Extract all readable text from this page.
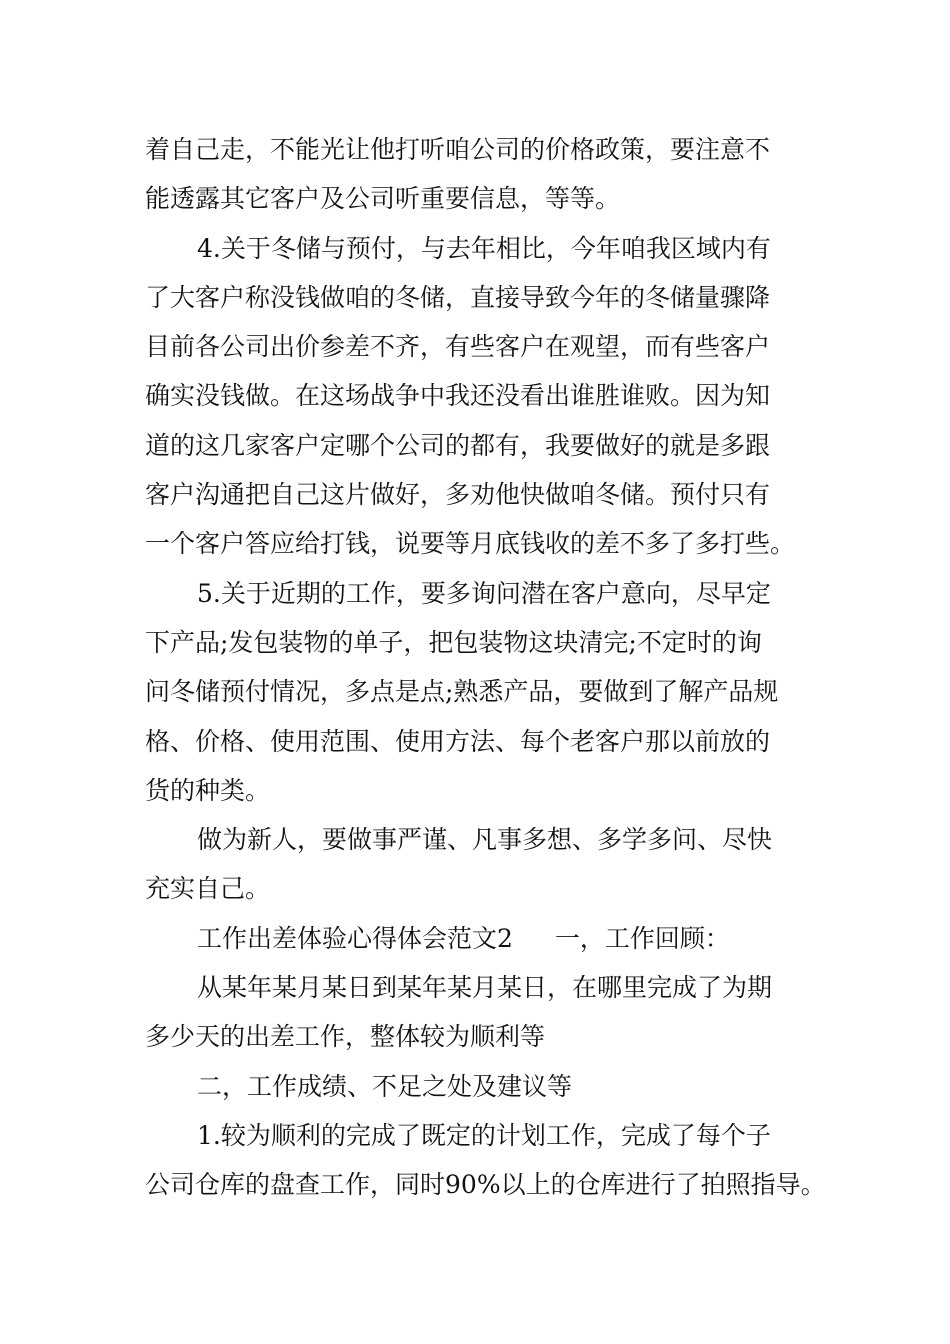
着自己走，不能光让他打听咱公司的价格政策，要注意不
能透露其它客户及公司听重要信息，等等。
4.关于冬储与预付，与去年相比，今年咱我区域内有
了大客户称没钱做咱的冬储，直接导致今年的冬储量骤降
目前各公司出价参差不齐，有些客户在观望，而有些客户
确实没钱做。在这场战争中我还没看出谁胜谁败。因为知
道的这几家客户定哪个公司的都有，我要做好的就是多跟
客户沟通把自己这片做好，多劝他快做咱冬储。预付只有
一个客户答应给打钱，说要等月底钱收的差不多了多打些。
5.关于近期的工作，要多询问潜在客户意向，尽早定
下产品;发包装物的单子，把包装物这块清完;不定时的询
问冬储预付情况，多点是点;熟悉产品，要做到了解产品规
格、价格、使用范围、使用方法、每个老客户那以前放的
货的种类。
做为新人，要做事严谨、凡事多想、多学多问、尽快
充实自己。
工作出差体验心得体会范文2 一，工作回顾：
从某年某月某日到某年某月某日，在哪里完成了为期
多少天的出差工作，整体较为顺利等
二，工作成绩、不足之处及建议等
1.较为顺利的完成了既定的计划工作，完成了每个子
公司仓库的盘查工作，同时90%以上的仓库进行了拍照指导。
